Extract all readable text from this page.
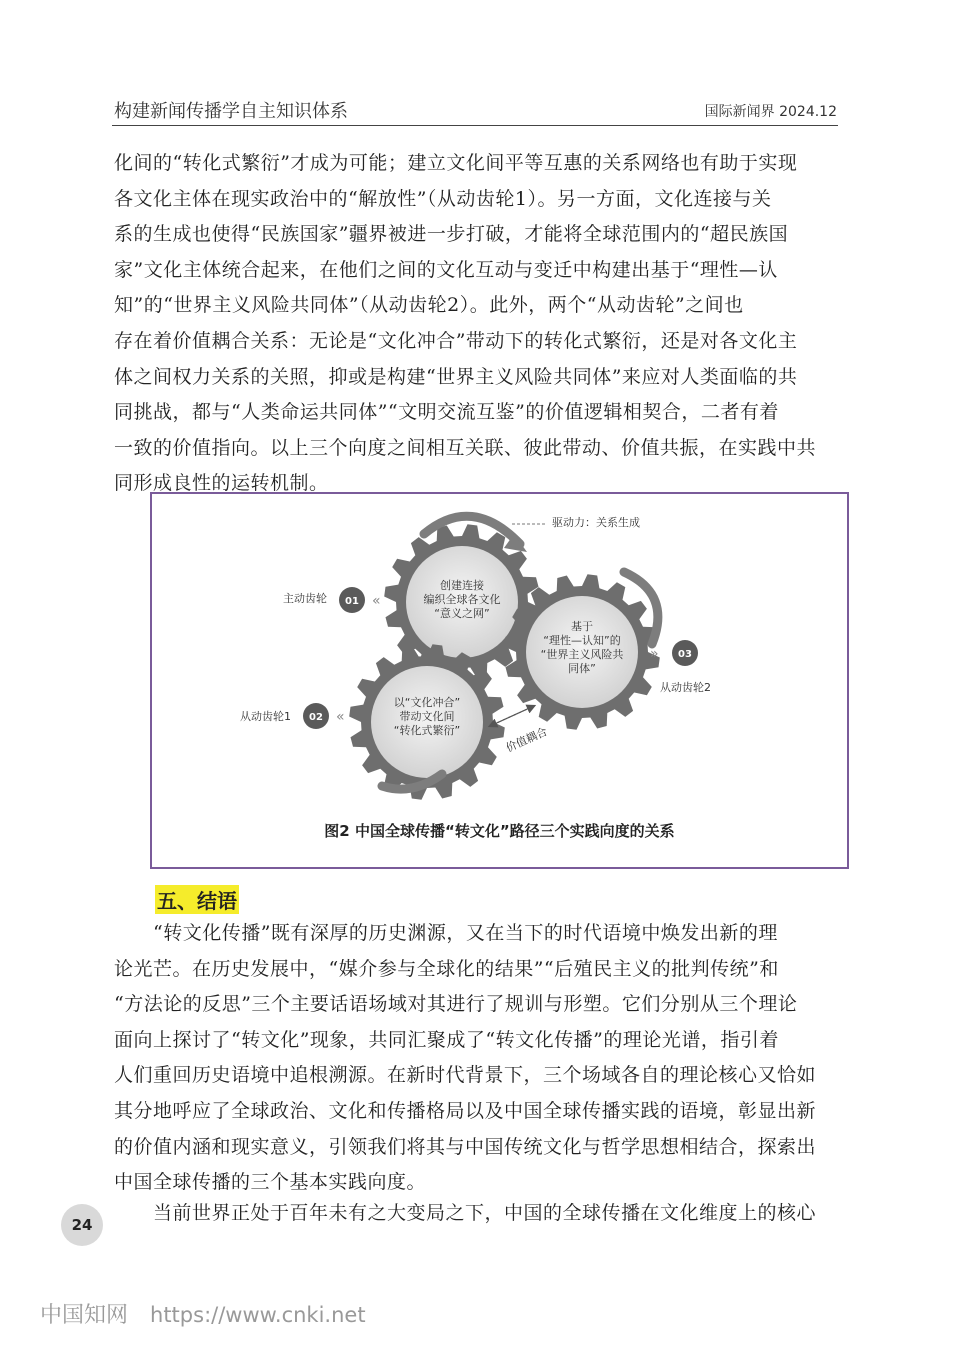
构建新闻传播学自主知识体系	国际新闻界 2024.12
化间的“转化式繁衍”才成为可能；建立文化间平等互惠的关系网络也有助于实现
各文化主体在现实政治中的“解放性”（从动齿轮1）。另一方面，文化连接与关
系的生成也使得“民族国家”疆界被进一步打破，才能将全球范围内的“超民族国
家”文化主体统合起来，在他们之间的文化互动与变迁中构建出基于“理性—认
知”的“世界主义风险共同体”（从动齿轮2）。此外，两个“从动齿轮”之间也
存在着价值耦合关系：无论是“文化冲合”带动下的转化式繁衍，还是对各文化主
体之间权力关系的关照，抑或是构建“世界主义风险共同体”来应对人类面临的共
同挑战，都与“人类命运共同体”“文明交流互鉴”的价值逻辑相契合，二者有着
一致的价值指向。以上三个向度之间相互关联、彼此带动、价值共振，在实践中共
同形成良性的运转机制。
«
«
»
驱动力：关系生成
主动齿轮 01
02
03
从动齿轮1
从动齿轮2
价值耦合
创建连接
编织全球各文化
“意义之网”
以“文化冲合”
带动文化间
“转化式繁衍”
基于
“理性—认知”的
“世界主义风险共
同体”
图2 中国全球传播“转文化”路径三个实践向度的关系
五、结语
　　“转文化传播”既有深厚的历史渊源，又在当下的时代语境中焕发出新的理
论光芒。在历史发展中，“媒介参与全球化的结果”“后殖民主义的批判传统”和
“方法论的反思”三个主要话语场域对其进行了规训与形塑。它们分别从三个理论
面向上探讨了“转文化”现象，共同汇聚成了“转文化传播”的理论光谱，指引着
人们重回历史语境中追根溯源。在新时代背景下，三个场域各自的理论核心又恰如
其分地呼应了全球政治、文化和传播格局以及中国全球传播实践的语境，彰显出新
的价值内涵和现实意义，引领我们将其与中国传统文化与哲学思想相结合，探索出
中国全球传播的三个基本实践向度。
　　当前世界正处于百年未有之大变局之下，中国的全球传播在文化维度上的核心
24
中国知网 https://www.cnki.net
